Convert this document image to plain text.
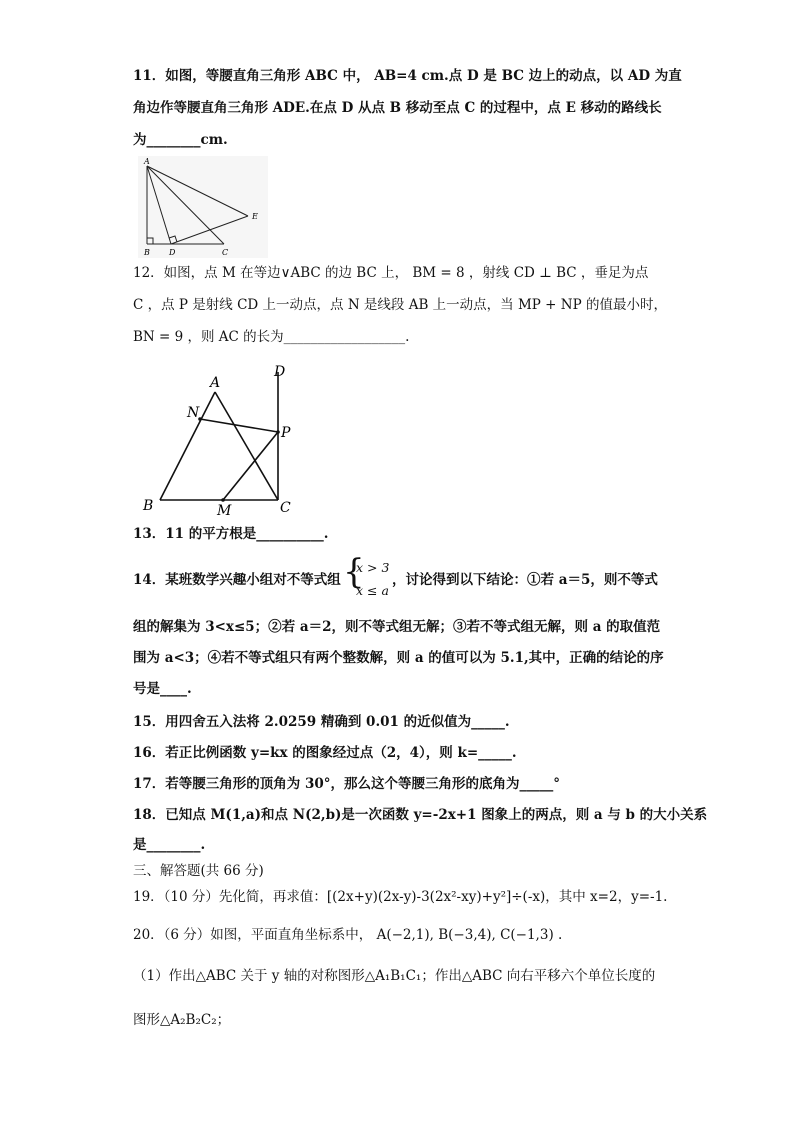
11．如图，等腰直角三角形 ABC 中， AB=4 cm.点 D 是 BC 边上的动点，以 AD 为直
角边作等腰直角三角形 ADE.在点 D 从点 B 移动至点 C 的过程中，点 E 移动的路线长
为________cm.
A
B D	C
E
12．如图，点 M 在等边∨ABC 的边 BC 上， BM = 8 ，射线 CD ⊥ BC ，垂足为点
C ，点 P 是射线 CD 上一动点，点 N 是线段 AB 上一动点，当 MP + NP 的值最小时，
BN = 9 ，则 AC 的长为__________________.
A
N
D
P
B	M	C
13．11 的平方根是__________.
14．某班数学兴趣小组对不等式组 {
x > 3
x ≤ a
，讨论得到以下结论：①若 a＝5，则不等式
组的解集为 3<x≤5；②若 a＝2，则不等式组无解；③若不等式组无解，则 a 的取值范
围为 a<3；④若不等式组只有两个整数解，则 a 的值可以为 5.1,其中，正确的结论的序
号是____.
15．用四舍五入法将 2.0259 精确到 0.01 的近似值为_____.
16．若正比例函数 y=kx 的图象经过点（2，4），则 k=_____.
17．若等腰三角形的顶角为 30°，那么这个等腰三角形的底角为_____°
18．已知点 M(1,a)和点 N(2,b)是一次函数 y=-2x+1 图象上的两点，则 a 与 b 的大小关系
是________.
三、解答题(共 66 分)
19．（10 分）先化简，再求值：[(2x+y)(2x-y)-3(2x²-xy)+y²]÷(-x)，其中 x=2，y=-1.
20．（6 分）如图，平面直角坐标系中， A(−2,1), B(−3,4), C(−1,3) .
（1）作出△ABC 关于 y 轴的对称图形△A₁B₁C₁；作出△ABC 向右平移六个单位长度的
图形△A₂B₂C₂；
